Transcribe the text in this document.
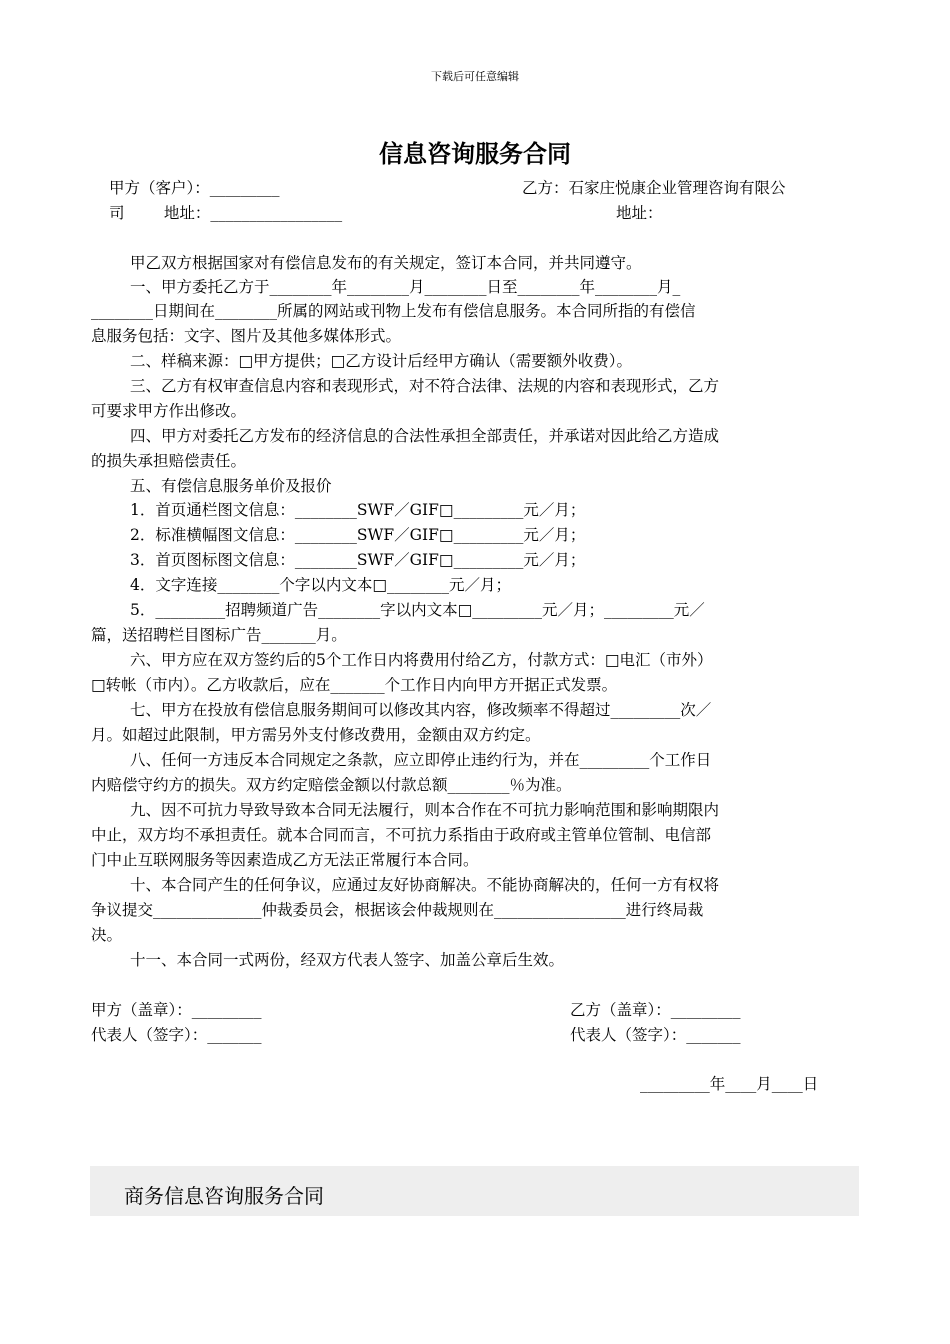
下载后可任意编辑
信息咨询服务合同
甲方（客户）：_________	乙方：石家庄悦康企业管理咨询有限公
司        地址：_________________	地址：
甲乙双方根据国家对有偿信息发布的有关规定，签订本合同，并共同遵守。
一、甲方委托乙方于________年________月________日至________年________月_
________日期间在________所属的网站或刊物上发布有偿信息服务。本合同所指的有偿信
息服务包括：文字、图片及其他多媒体形式。
二、样稿来源：□甲方提供；□乙方设计后经甲方确认（需要额外收费）。
三、乙方有权审查信息内容和表现形式，对不符合法律、法规的内容和表现形式，乙方
可要求甲方作出修改。
四、甲方对委托乙方发布的经济信息的合法性承担全部责任，并承诺对因此给乙方造成
的损失承担赔偿责任。
五、有偿信息服务单价及报价
1．首页通栏图文信息：________SWF／GIF□_________元／月；
2．标准横幅图文信息：________SWF／GIF□_________元／月；
3．首页图标图文信息：________SWF／GIF□_________元／月；
4．文字连接________个字以内文本□________元／月；
5．_________招聘频道广告________字以内文本□_________元／月；_________元／
篇，送招聘栏目图标广告_______月。
六、甲方应在双方签约后的5个工作日内将费用付给乙方，付款方式：□电汇（市外）
□转帐（市内）。乙方收款后，应在_______个工作日内向甲方开据正式发票。
七、甲方在投放有偿信息服务期间可以修改其内容，修改频率不得超过_________次／
月。如超过此限制，甲方需另外支付修改费用，金额由双方约定。
八、任何一方违反本合同规定之条款，应立即停止违约行为，并在_________个工作日
内赔偿守约方的损失。双方约定赔偿金额以付款总额________％为准。
九、因不可抗力导致导致本合同无法履行，则本合作在不可抗力影响范围和影响期限内
中止，双方均不承担责任。就本合同而言，不可抗力系指由于政府或主管单位管制、电信部
门中止互联网服务等因素造成乙方无法正常履行本合同。
十、本合同产生的任何争议，应通过友好协商解决。不能协商解决的，任何一方有权将
争议提交______________仲裁委员会，根据该会仲裁规则在_________________进行终局裁
决。
十一、本合同一式两份，经双方代表人签字、加盖公章后生效。
甲方（盖章）：_________	乙方（盖章）：_________
代表人（签字）：_______	代表人（签字）：_______
_________年____月____日
商务信息咨询服务合同
